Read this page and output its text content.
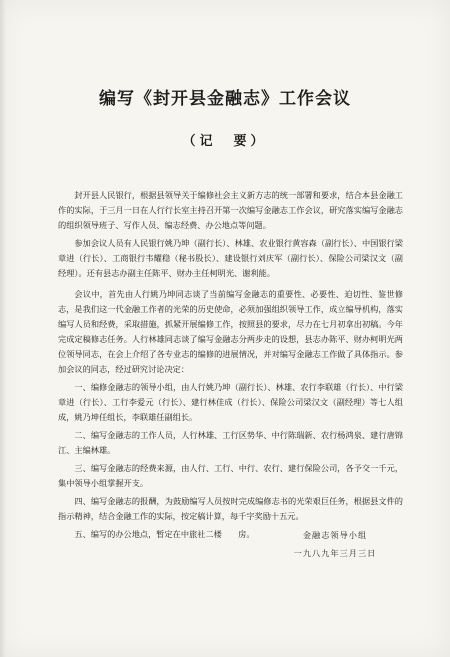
编写《封开县金融志》工作会议
（记　要）

封开县人民银行，根据县领导关于编修社会主义新方志的统一部署和要求，结合本县金融工作的实际，于三月一日在人行行长室主持召开第一次编写金融志工作会议，研究落实编写金融志的组织领导班子、写作人员、编志经费、办公地点等问题。

参加会议人员有人民银行姚乃坤（副行长）、林雄、农业银行黄容森（副行长）、中国银行梁章进（行长）、工商银行韦耀稳（秘书股长）、建设银行刘庆军（副行长）、保险公司梁汉文（副经理）。还有县志办副主任陈平、财办主任柯明光、谢利能。

会议中，首先由人行姚乃坤同志谈了当前编写金融志的重要性、必要性、迫切性、鉴世修志，是我们这一代金融工作者的光荣的历史使命，必须加强组织领导工作，成立编导机构，落实编写人员和经费，采取措施，抓紧开展编修工作，按照县的要求，尽力在七月初拿出初稿。今年完成定稿修志任务。人行林雄同志谈了编写金融志分两步走的设想，县志办陈平、财办柯明光两位领导同志，在会上介绍了各专业志的编修的进展情况，并对编写金融志工作做了具体指示。参加会议的同志，经过研究讨论决定：

一、编修金融志的领导小组，由人行姚乃坤（副行长）、林雄、农行李联雄（行长）、中行梁章进（行长）、工行李爱元（行长）、建行林佳成（行长）、保险公司梁汉文（副经理）等七人组成，姚乃坤任组长，李联雄任副组长。

二、编写金融志的工作人员，人行林雄、工行区势华、中行陈瑞新、农行杨鸿泉、建行唐锦江、主编林雄。

三、编写金融志的经费来源，由人行、工行、中行、农行、建行保险公司，各予交一千元，集中领导小组掌握开支。

四、编写金融志的报酬，为鼓励编写人员按时完成编修志书的光荣艰巨任务，根据县文件的指示精神，结合金融工作的实际，按定稿计算，每千字奖励十五元。

五、编写的办公地点，暂定在中旅社二楼　　房。	金融志领导小组
一九八九年三月三日
